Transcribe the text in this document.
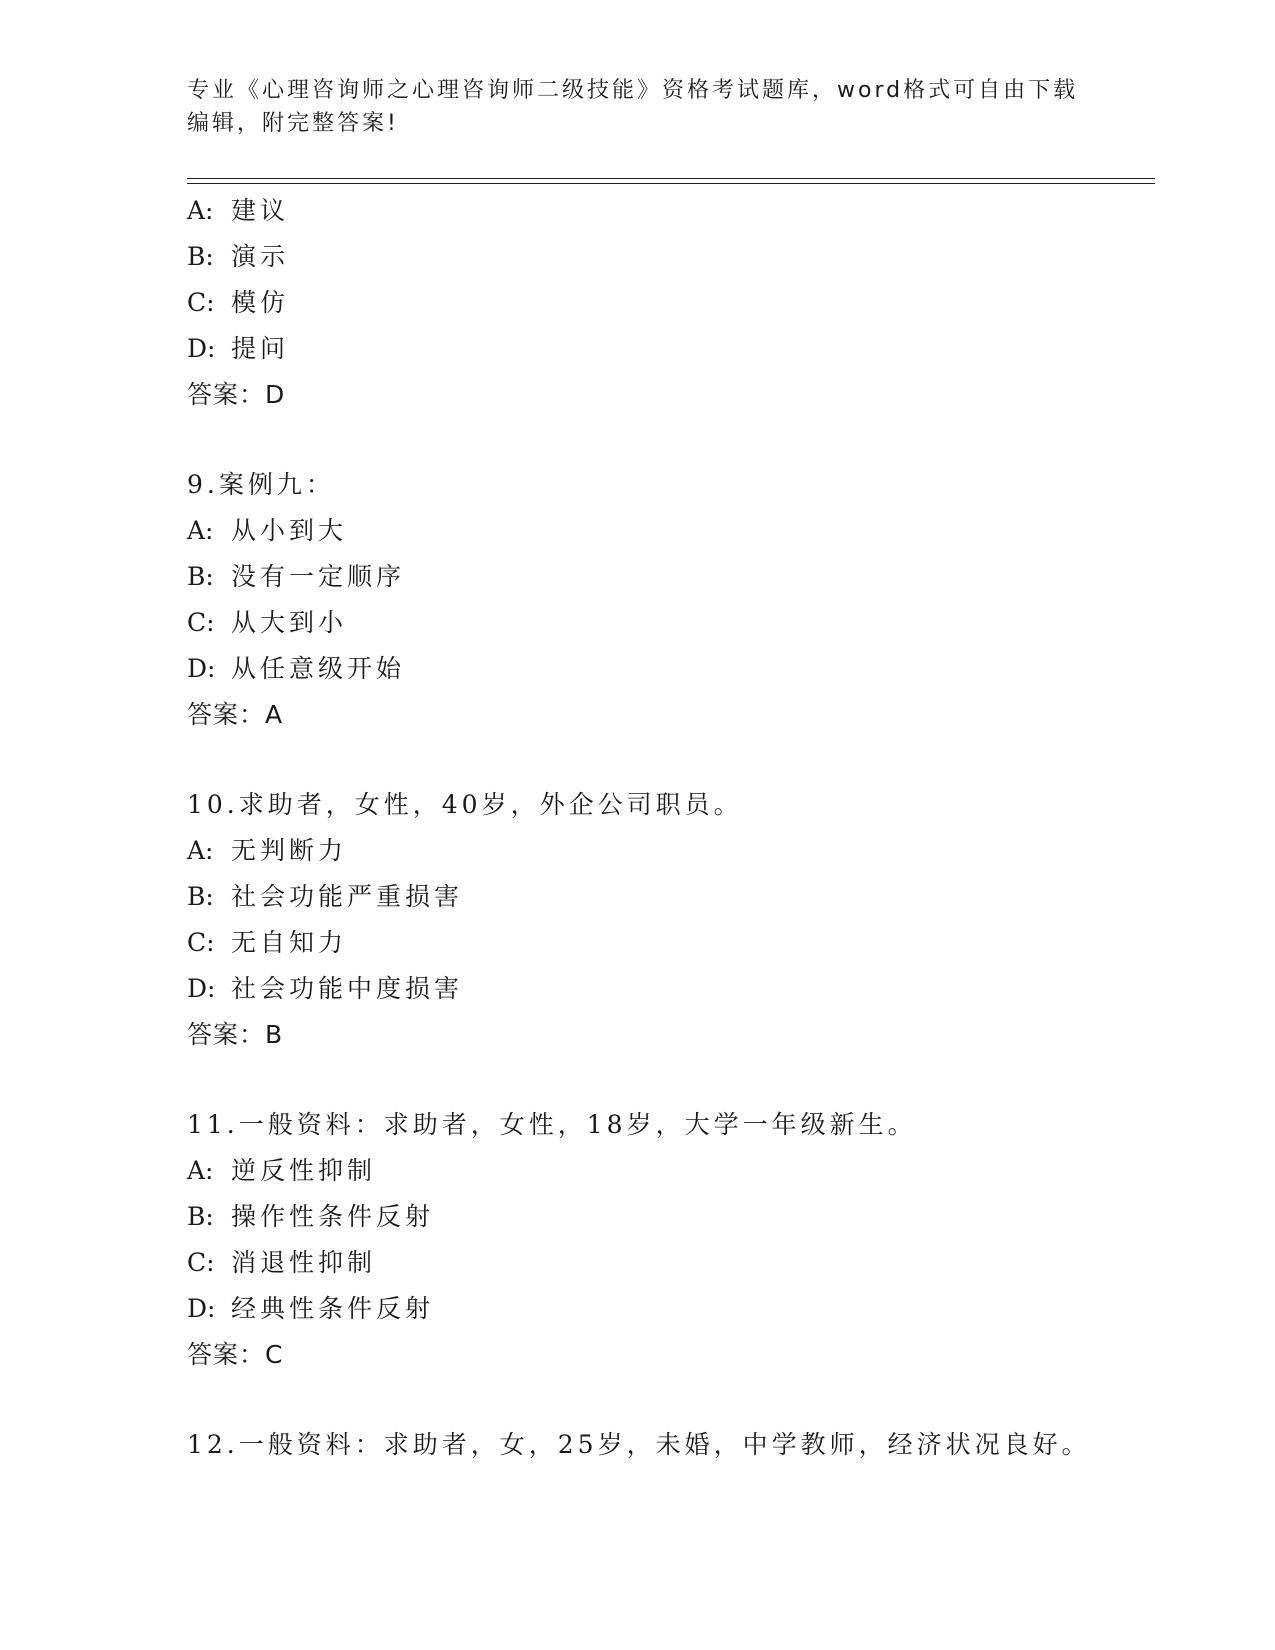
专业《心理咨询师之心理咨询师二级技能》资格考试题库，word格式可自由下载
编辑，附完整答案!
A: 建议
B: 演示
C: 模仿
D: 提问
答案：D
9.案例九：
A: 从小到大
B: 没有一定顺序
C: 从大到小
D: 从任意级开始
答案：A
10.求助者，女性，40岁，外企公司职员。
A: 无判断力
B: 社会功能严重损害
C: 无自知力
D: 社会功能中度损害
答案：B
11.一般资料：求助者，女性，18岁，大学一年级新生。
A: 逆反性抑制
B: 操作性条件反射
C: 消退性抑制
D: 经典性条件反射
答案：C
12.一般资料：求助者，女，25岁，未婚，中学教师，经济状况良好。
